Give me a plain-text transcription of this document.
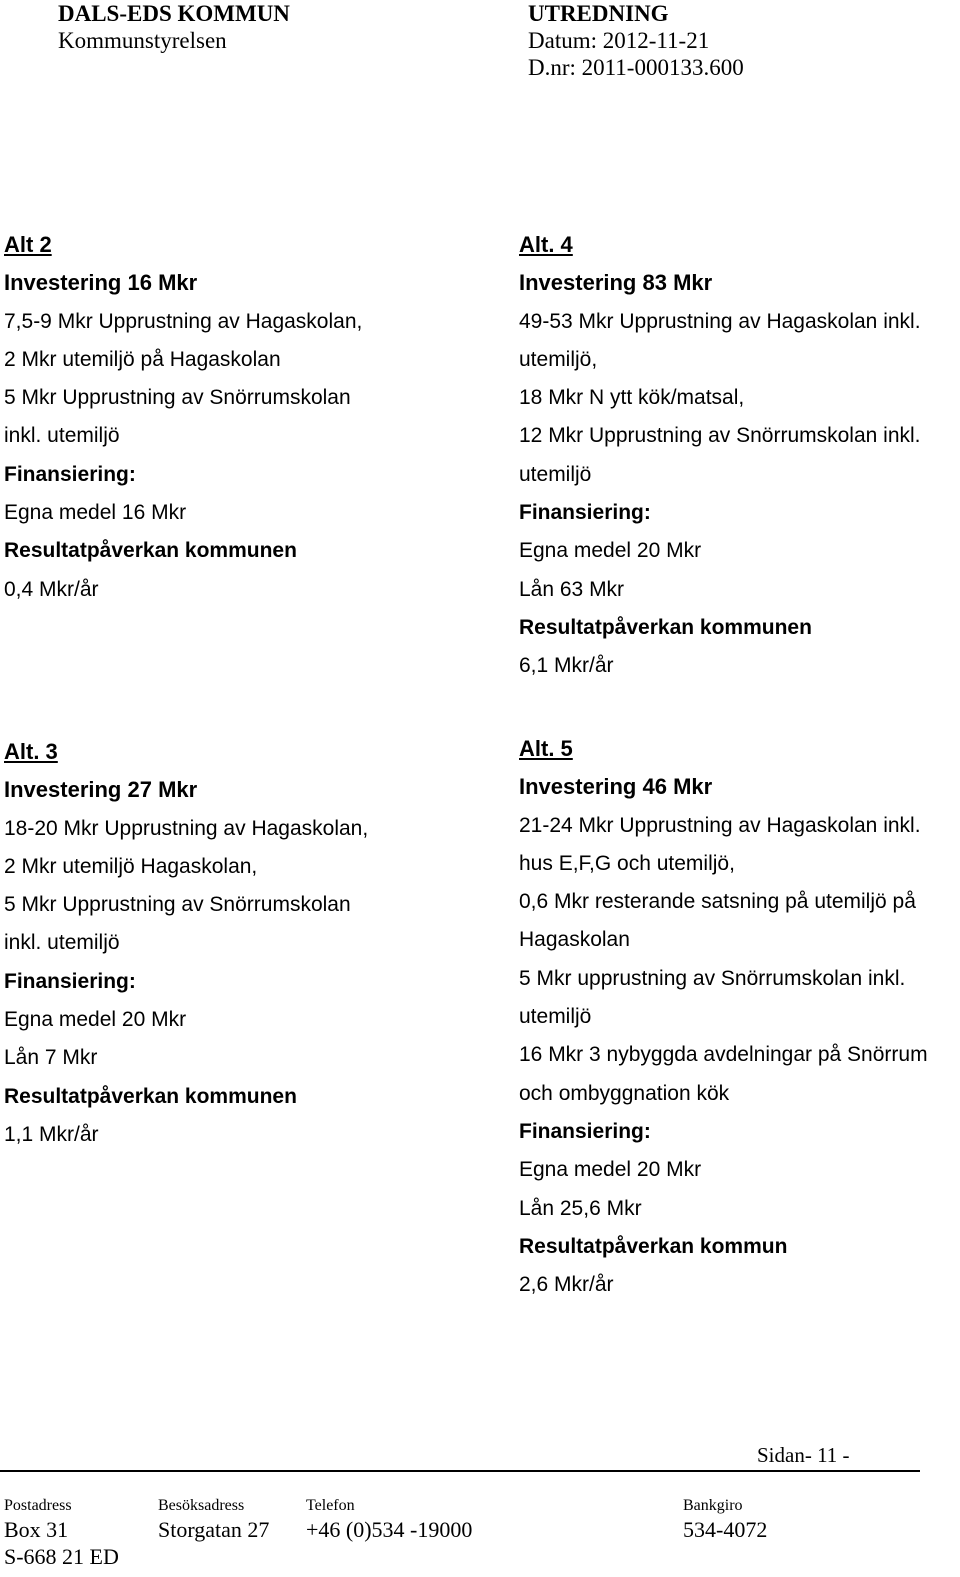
DALS-EDS KOMMUN
Kommunstyrelsen
UTREDNING
Datum: 2012-11-21
D.nr: 2011-000133.600
Alt 2
Investering 16 Mkr
7,5-9 Mkr Upprustning av Hagaskolan,
2 Mkr utemiljö på Hagaskolan
5 Mkr Upprustning av Snörrumskolan
inkl. utemiljö
Finansiering:
Egna medel 16 Mkr
Resultatpåverkan kommunen
0,4 Mkr/år
Alt. 4
Investering 83 Mkr
49-53 Mkr Upprustning av Hagaskolan inkl.
utemiljö,
18 Mkr N ytt kök/matsal,
12 Mkr Upprustning av Snörrumskolan inkl.
utemiljö
Finansiering:
Egna medel 20 Mkr
Lån 63 Mkr
Resultatpåverkan kommunen
6,1 Mkr/år
Alt. 3
Investering 27 Mkr
18-20 Mkr Upprustning av Hagaskolan,
2 Mkr utemiljö Hagaskolan,
5 Mkr Upprustning av Snörrumskolan
inkl. utemiljö
Finansiering:
Egna medel 20 Mkr
Lån 7 Mkr
Resultatpåverkan kommunen
1,1 Mkr/år
Alt. 5
Investering 46 Mkr
21-24 Mkr Upprustning av Hagaskolan inkl.
hus E,F,G och utemiljö,
0,6 Mkr resterande satsning på utemiljö på
Hagaskolan
5 Mkr upprustning av Snörrumskolan inkl.
utemiljö
16 Mkr 3 nybyggda avdelningar på Snörrum
och ombyggnation kök
Finansiering:
Egna medel 20 Mkr
Lån 25,6 Mkr
Resultatpåverkan kommun
2,6 Mkr/år
Sidan- 11 -
Postadress
Box 31
S-668 21 ED
Besöksadress
Storgatan 27
Telefon
+46 (0)534 -19000
Bankgiro
534-4072
